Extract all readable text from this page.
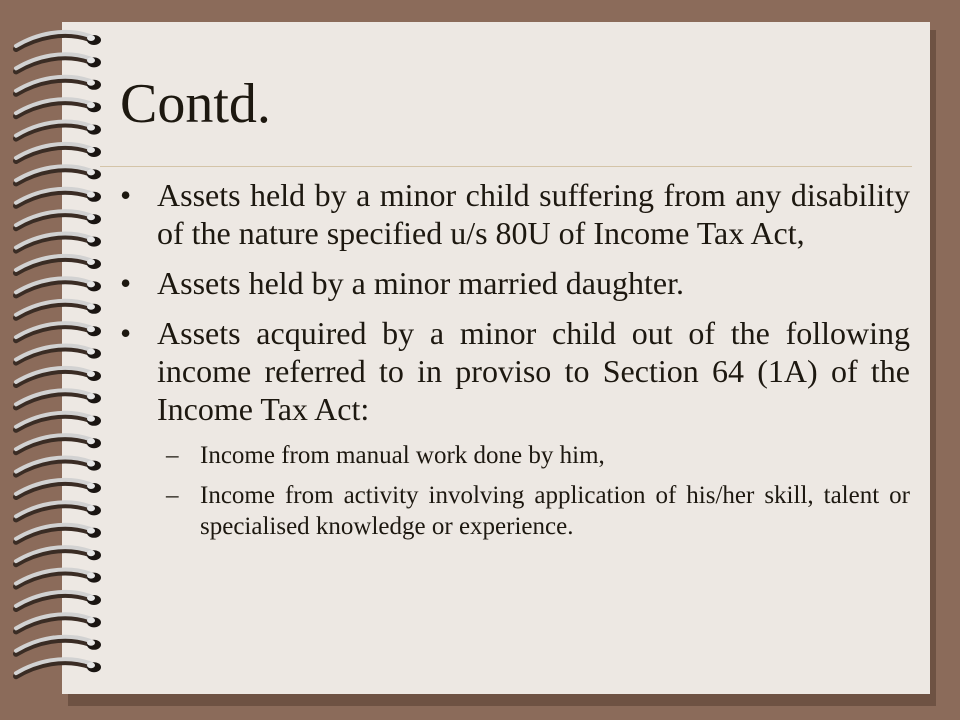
Contd.
• Assets held by a minor child suffering from any disability of the nature specified u/s 80U of Income Tax Act,
• Assets held by a minor married daughter.
• Assets acquired by a minor child out of the following income referred to in proviso to Section 64 (1A) of the Income Tax Act:
– Income from manual work done by him,
– Income from activity involving application of his/her skill, talent or specialised knowledge or experience.
